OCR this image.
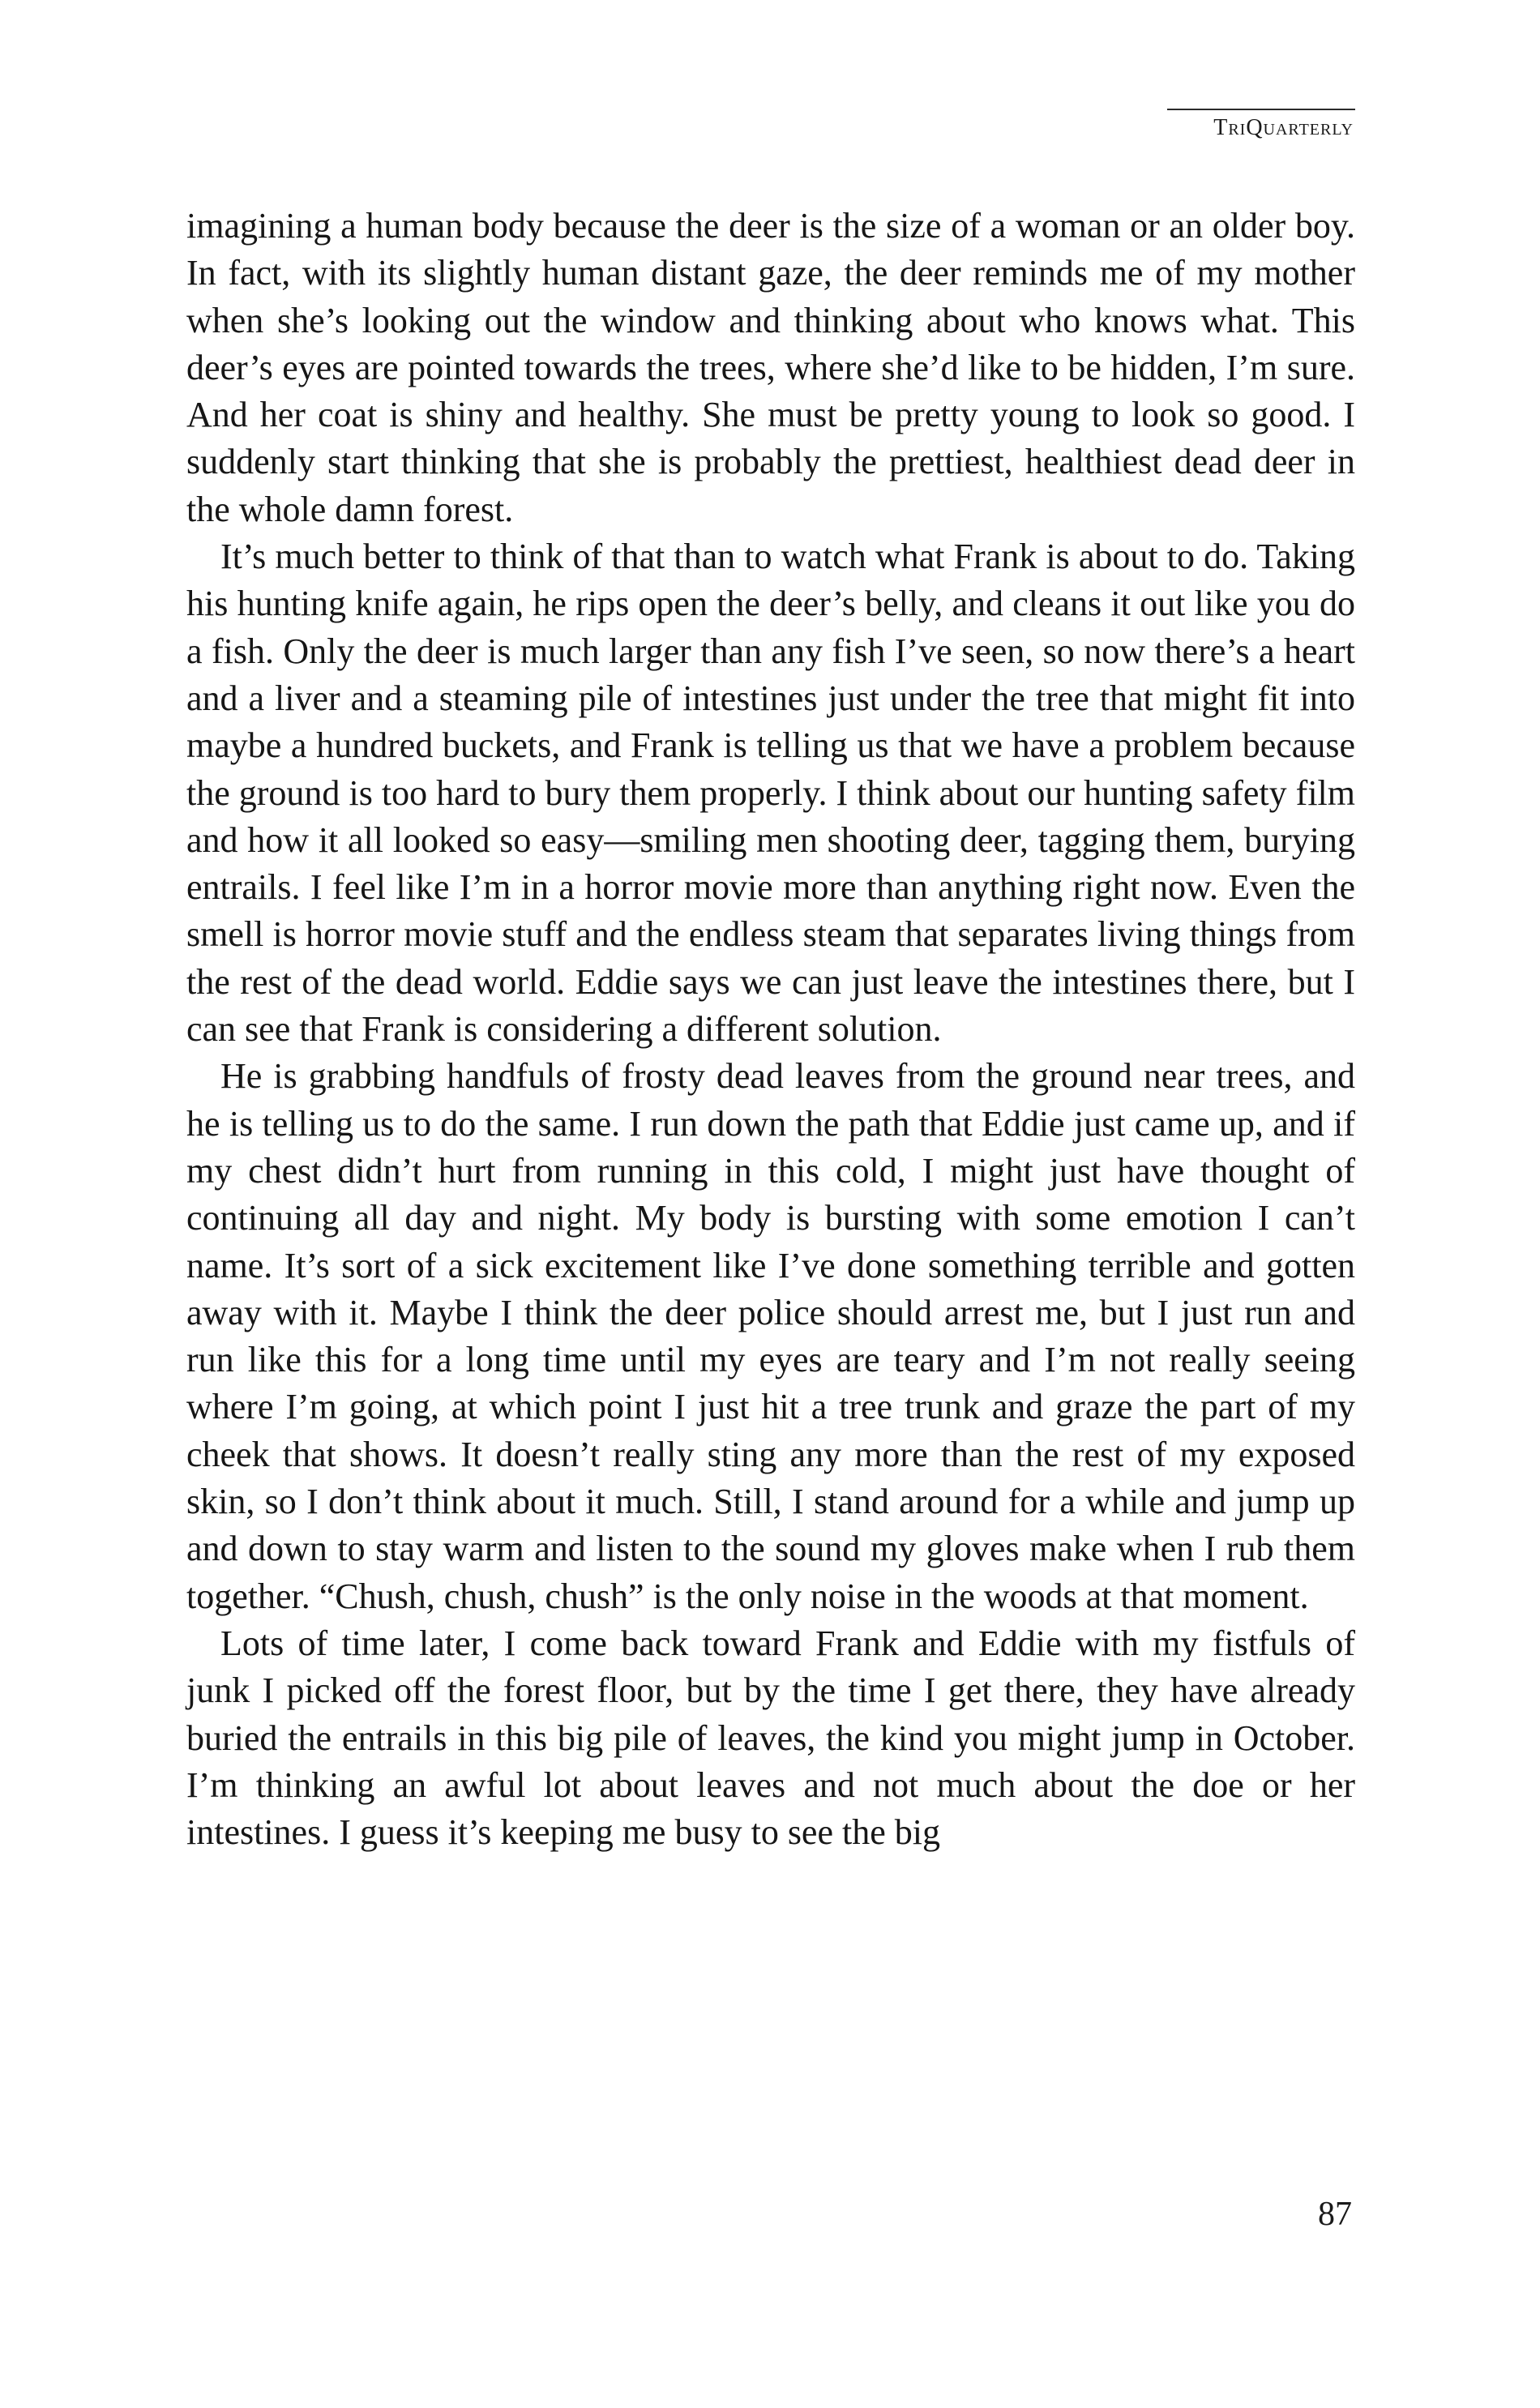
TriQuarterly

imagining a human body because the deer is the size of a woman or an older boy. In fact, with its slightly human distant gaze, the deer reminds me of my mother when she’s looking out the window and thinking about who knows what. This deer’s eyes are pointed towards the trees, where she’d like to be hidden, I’m sure. And her coat is shiny and healthy. She must be pretty young to look so good. I suddenly start thinking that she is probably the prettiest, healthiest dead deer in the whole damn forest.

It’s much better to think of that than to watch what Frank is about to do. Taking his hunting knife again, he rips open the deer’s belly, and cleans it out like you do a fish. Only the deer is much larger than any fish I’ve seen, so now there’s a heart and a liver and a steaming pile of intestines just under the tree that might fit into maybe a hundred buckets, and Frank is telling us that we have a problem because the ground is too hard to bury them properly. I think about our hunting safety film and how it all looked so easy—smiling men shooting deer, tagging them, burying entrails. I feel like I’m in a horror movie more than anything right now. Even the smell is horror movie stuff and the endless steam that separates living things from the rest of the dead world. Eddie says we can just leave the intestines there, but I can see that Frank is considering a different solution.

He is grabbing handfuls of frosty dead leaves from the ground near trees, and he is telling us to do the same. I run down the path that Eddie just came up, and if my chest didn’t hurt from running in this cold, I might just have thought of continuing all day and night. My body is bursting with some emotion I can’t name. It’s sort of a sick excitement like I’ve done something terrible and gotten away with it. Maybe I think the deer police should arrest me, but I just run and run like this for a long time until my eyes are teary and I’m not really seeing where I’m going, at which point I just hit a tree trunk and graze the part of my cheek that shows. It doesn’t really sting any more than the rest of my exposed skin, so I don’t think about it much. Still, I stand around for a while and jump up and down to stay warm and listen to the sound my gloves make when I rub them together. “Chush, chush, chush” is the only noise in the woods at that moment.

Lots of time later, I come back toward Frank and Eddie with my fistfuls of junk I picked off the forest floor, but by the time I get there, they have already buried the entrails in this big pile of leaves, the kind you might jump in October. I’m thinking an awful lot about leaves and not much about the doe or her intestines. I guess it’s keeping me busy to see the big

87
